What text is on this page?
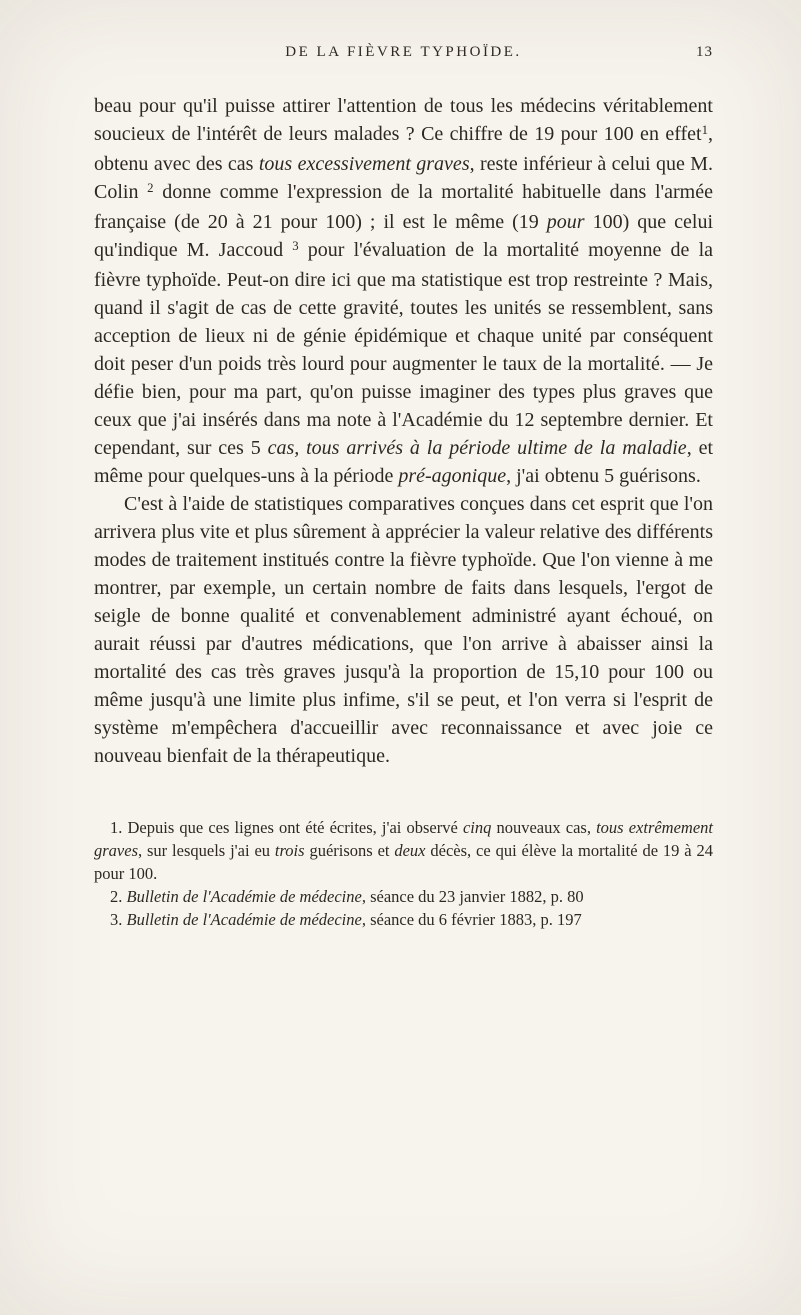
DE LA FIÈVRE TYPHOÏDE.	13

beau pour qu'il puisse attirer l'attention de tous les médecins véritablement soucieux de l'intérêt de leurs malades ? Ce chiffre de 19 pour 100 en effet$^1$, obtenu avec des cas tous excessivement graves, reste inférieur à celui que M. Colin $^2$ donne comme l'expression de la mortalité habituelle dans l'armée française (de 20 à 21 pour 100) ; il est le même (19 pour 100) que celui qu'indique M. Jaccoud $^3$ pour l'évaluation de la mortalité moyenne de la fièvre typhoïde. Peut-on dire ici que ma statistique est trop restreinte ? Mais, quand il s'agit de cas de cette gravité, toutes les unités se ressemblent, sans acception de lieux ni de génie épidémique et chaque unité par conséquent doit peser d'un poids très lourd pour augmenter le taux de la mortalité. — Je défie bien, pour ma part, qu'on puisse imaginer des types plus graves que ceux que j'ai insérés dans ma note à l'Académie du 12 septembre dernier. Et cependant, sur ces 5 cas, tous arrivés à la période ultime de la maladie, et même pour quelques-uns à la période pré-agonique, j'ai obtenu 5 guérisons.

C'est à l'aide de statistiques comparatives conçues dans cet esprit que l'on arrivera plus vite et plus sûrement à apprécier la valeur relative des différents modes de traitement institués contre la fièvre typhoïde. Que l'on vienne à me montrer, par exemple, un certain nombre de faits dans lesquels, l'ergot de seigle de bonne qualité et convenablement administré ayant échoué, on aurait réussi par d'autres médications, que l'on arrive à abaisser ainsi la mortalité des cas très graves jusqu'à la proportion de 15,10 pour 100 ou même jusqu'à une limite plus infime, s'il se peut, et l'on verra si l'esprit de système m'empêchera d'accueillir avec reconnaissance et avec joie ce nouveau bienfait de la thérapeutique.

1. Depuis que ces lignes ont été écrites, j'ai observé cinq nouveaux cas, tous extrêmement graves, sur lesquels j'ai eu trois guérisons et deux décès, ce qui élève la mortalité de 19 à 24 pour 100.

2. Bulletin de l'Académie de médecine, séance du 23 janvier 1882, p. 80

3. Bulletin de l'Académie de médecine, séance du 6 février 1883, p. 197
